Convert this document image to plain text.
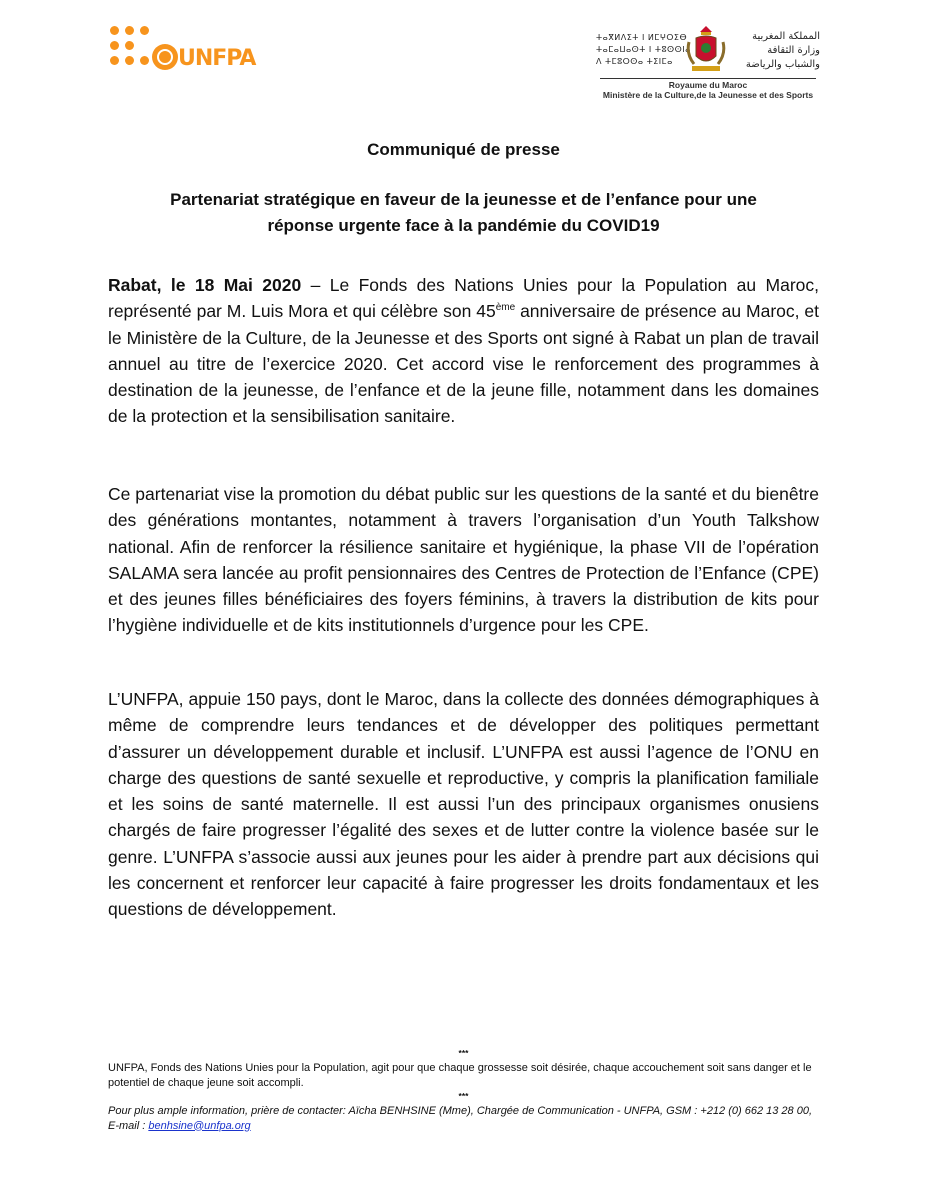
UNFPA
ⵜⴰⴳⵍⴷⵉⵜ ⵏ ⵍⵎⵖⵔⵉⴱ
ⵜⴰⵎⴰⵡⴰⵙⵜ ⵏ ⵜⵓⵙⵙⵏⴰ
ⴷ ⵜⵎⵓⵔⵙⴰ ⵜⵉⵏⵎⴰ
المملكة المغربية
وزارة الثقافة
والشباب والرياضة
Royaume du Maroc
Ministère de la Culture,de la Jeunesse et des Sports
Communiqué de presse
Partenariat stratégique en faveur de la jeunesse et de l’enfance pour une
réponse urgente face à la pandémie du COVID19
Rabat, le 18 Mai 2020 – Le Fonds des Nations Unies pour la Population au Maroc, représenté par M. Luis Mora et qui célèbre son 45ème anniversaire de présence au Maroc, et le Ministère de la Culture, de la Jeunesse et des Sports ont signé à Rabat un plan de travail annuel au titre de l’exercice 2020. Cet accord vise le renforcement des programmes à destination de la jeunesse, de l’enfance et de la jeune fille, notamment dans les domaines de la protection et la sensibilisation sanitaire.
Ce partenariat vise la promotion du débat public sur les questions de la santé et du bienêtre des générations montantes, notamment à travers l’organisation d’un Youth Talkshow national. Afin de renforcer la résilience sanitaire et hygiénique, la phase VII de l’opération SALAMA sera lancée au profit pensionnaires des Centres de Protection de l’Enfance (CPE) et des jeunes filles bénéficiaires des foyers féminins, à travers la distribution de kits pour l’hygiène individuelle et de kits institutionnels d’urgence pour les CPE.
L’UNFPA, appuie 150 pays, dont le Maroc, dans la collecte des données démographiques à même de comprendre leurs tendances et de développer des politiques permettant d’assurer un développement durable et inclusif. L’UNFPA est aussi l’agence de l’ONU en charge des questions de santé sexuelle et reproductive, y compris la planification familiale et les soins de santé maternelle. Il est aussi l’un des principaux organismes onusiens chargés de faire progresser l’égalité des sexes et de lutter contre la violence basée sur le genre. L’UNFPA s’associe aussi aux jeunes pour les aider à prendre part aux décisions qui les concernent et renforcer leur capacité à faire progresser les droits fondamentaux et les questions de développement.
***
UNFPA, Fonds des Nations Unies pour la Population, agit pour que chaque grossesse soit désirée, chaque accouchement soit sans danger et le potentiel de chaque jeune soit accompli.
***
Pour plus ample information, prière de contacter: Aïcha BENHSINE (Mme), Chargée de Communication - UNFPA, GSM : +212 (0) 662 13 28 00, E-mail : benhsine@unfpa.org
